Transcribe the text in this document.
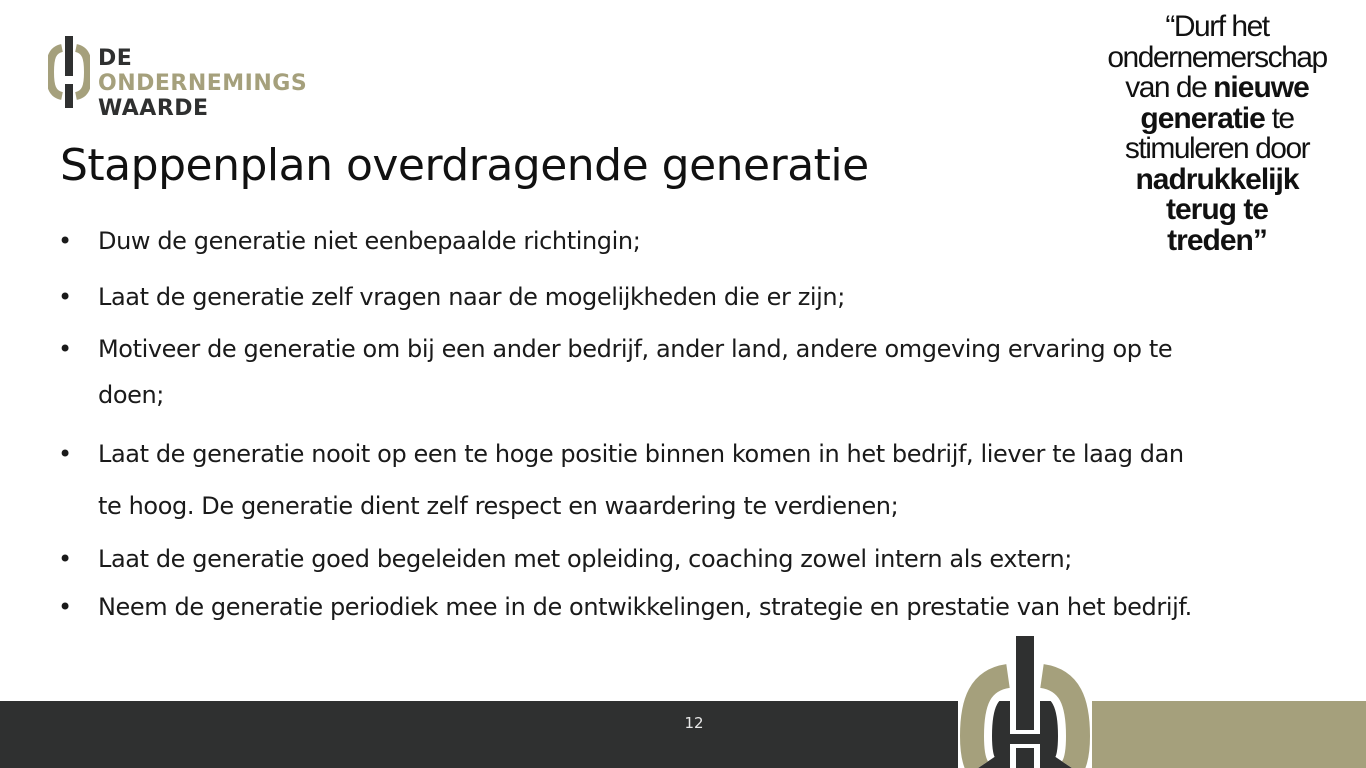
DE ONDERNEMINGS
WAARDE
Stappenplan overdragende generatie
“Durf het
ondernemerschap
van de nieuwe
generatie te
stimuleren door
nadrukkelijk
terug te
treden”
• Duw de generatie niet eenbepaalde richtingin;
• Laat de generatie zelf vragen naar de mogelijkheden die er zijn;
• Motiveer de generatie om bij een ander bedrijf, ander land, andere omgeving ervaring op te
doen;
• Laat de generatie nooit op een te hoge positie binnen komen in het bedrijf, liever te laag dan
te hoog. De generatie dient zelf respect en waardering te verdienen;
• Laat de generatie goed begeleiden met opleiding, coaching zowel intern als extern;
• Neem de generatie periodiek mee in de ontwikkelingen, strategie en prestatie van het bedrijf.
12
